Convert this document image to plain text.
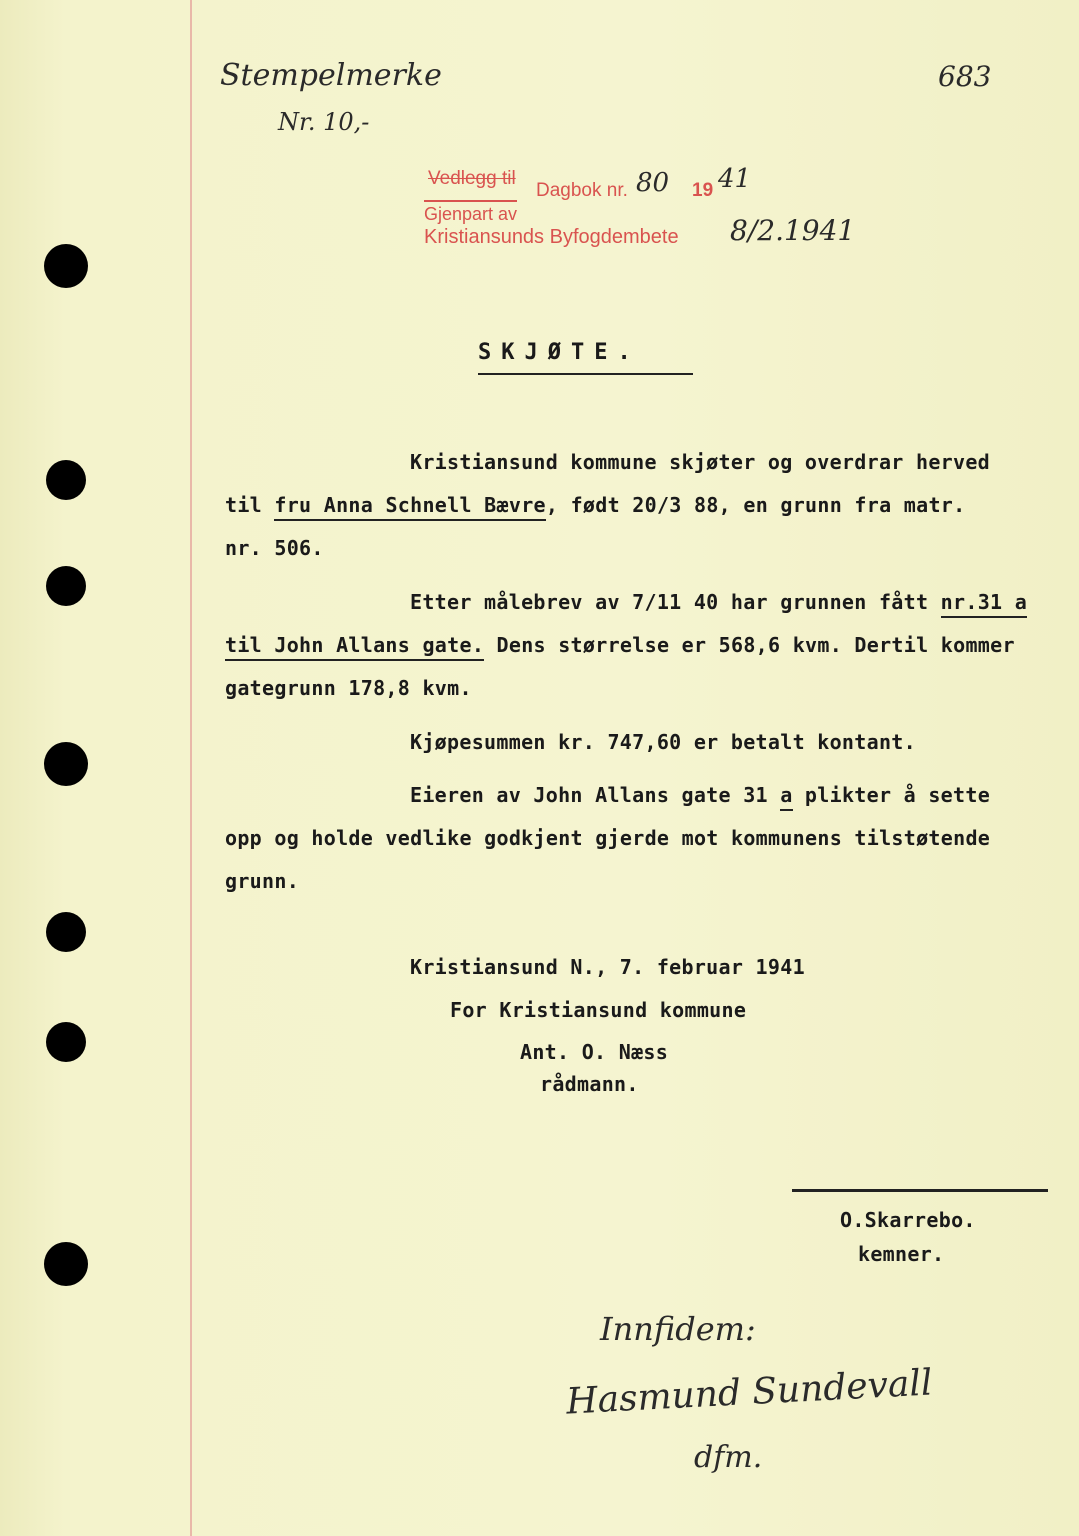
Stempelmerke
Nr. 10,-
683
Vedlegg til
Dagbok nr. 80 19 41
Gjenpart av
Kristiansunds Byfogdembete 8/2.1941
SKJØTE.
Kristiansund kommune skjøter og overdrar herved
til fru Anna Schnell Bævre, født 20/3 88, en grunn fra matr.
nr. 506.
Etter målebrev av 7/11 40 har grunnen fått nr.31 a
til John Allans gate. Dens størrelse er 568,6 kvm. Dertil kommer
gategrunn 178,8 kvm.
Kjøpesummen kr. 747,60 er betalt kontant.
Eieren av John Allans gate 31 a plikter å sette
opp og holde vedlike godkjent gjerde mot kommunens tilstøtende
grunn.
Kristiansund N., 7. februar 1941
For Kristiansund kommune
Ant. O. Næss
rådmann.
O.Skarrebo.
kemner.
Innfidem:
Hasmund Sundevall
dfm.
